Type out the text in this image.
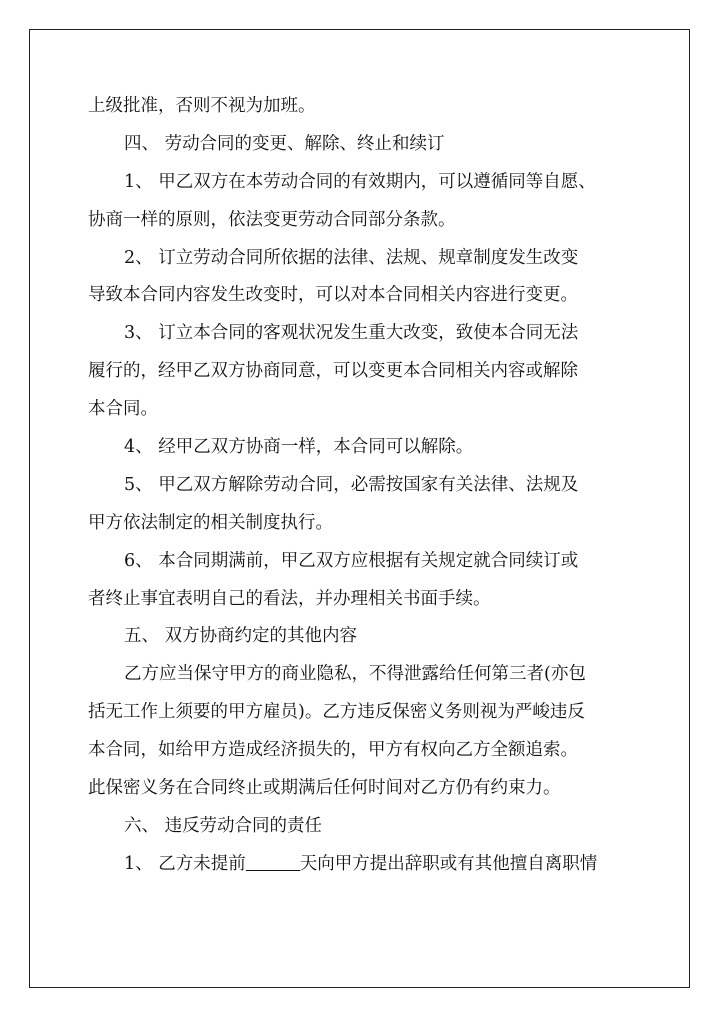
上级批准，否则不视为加班。
四、 劳动合同的变更、解除、终止和续订
1、 甲乙双方在本劳动合同的有效期内，可以遵循同等自愿、
协商一样的原则，依法变更劳动合同部分条款。
2、 订立劳动合同所依据的法律、法规、规章制度发生改变
导致本合同内容发生改变时，可以对本合同相关内容进行变更。
3、 订立本合同的客观状况发生重大改变，致使本合同无法
履行的，经甲乙双方协商同意，可以变更本合同相关内容或解除
本合同。
4、 经甲乙双方协商一样，本合同可以解除。
5、 甲乙双方解除劳动合同，必需按国家有关法律、法规及
甲方依法制定的相关制度执行。
6、 本合同期满前，甲乙双方应根据有关规定就合同续订或
者终止事宜表明自己的看法，并办理相关书面手续。
五、 双方协商约定的其他内容
乙方应当保守甲方的商业隐私，不得泄露给任何第三者(亦包
括无工作上须要的甲方雇员)。乙方违反保密义务则视为严峻违反
本合同，如给甲方造成经济损失的，甲方有权向乙方全额追索。
此保密义务在合同终止或期满后任何时间对乙方仍有约束力。
六、 违反劳动合同的责任
1、 乙方未提前	天向甲方提出辞职或有其他擅自离职情
